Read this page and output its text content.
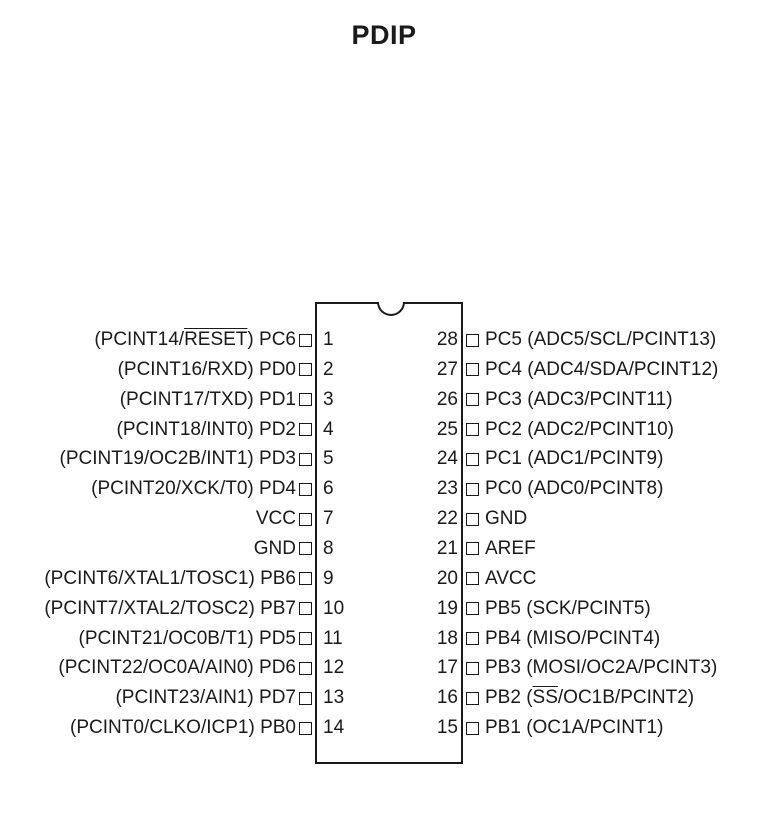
PDIP
(PCINT14/RESET) PC6 1
(PCINT16/RXD) PD0 2
(PCINT17/TXD) PD1 3
(PCINT18/INT0) PD2 4
(PCINT19/OC2B/INT1) PD3 5
(PCINT20/XCK/T0) PD4 6
VCC 7
GND 8
(PCINT6/XTAL1/TOSC1) PB6 9
(PCINT7/XTAL2/TOSC2) PB7 10
(PCINT21/OC0B/T1) PD5 11
(PCINT22/OC0A/AIN0) PD6 12
(PCINT23/AIN1) PD7 13
(PCINT0/CLKO/ICP1) PB0 14
PC5 (ADC5/SCL/PCINT13)
28
PC4 (ADC4/SDA/PCINT12)
27
PC3 (ADC3/PCINT11)
26
PC2 (ADC2/PCINT10)
25
PC1 (ADC1/PCINT9)
24
PC0 (ADC0/PCINT8)
23
GND
22
AREF
21
AVCC
20
PB5 (SCK/PCINT5)
19
PB4 (MISO/PCINT4)
18
PB3 (MOSI/OC2A/PCINT3)
17
PB2 $(\overline{SS}/OC1B/PCINT2)$
16
PB1 (OC1A/PCINT1)
15
